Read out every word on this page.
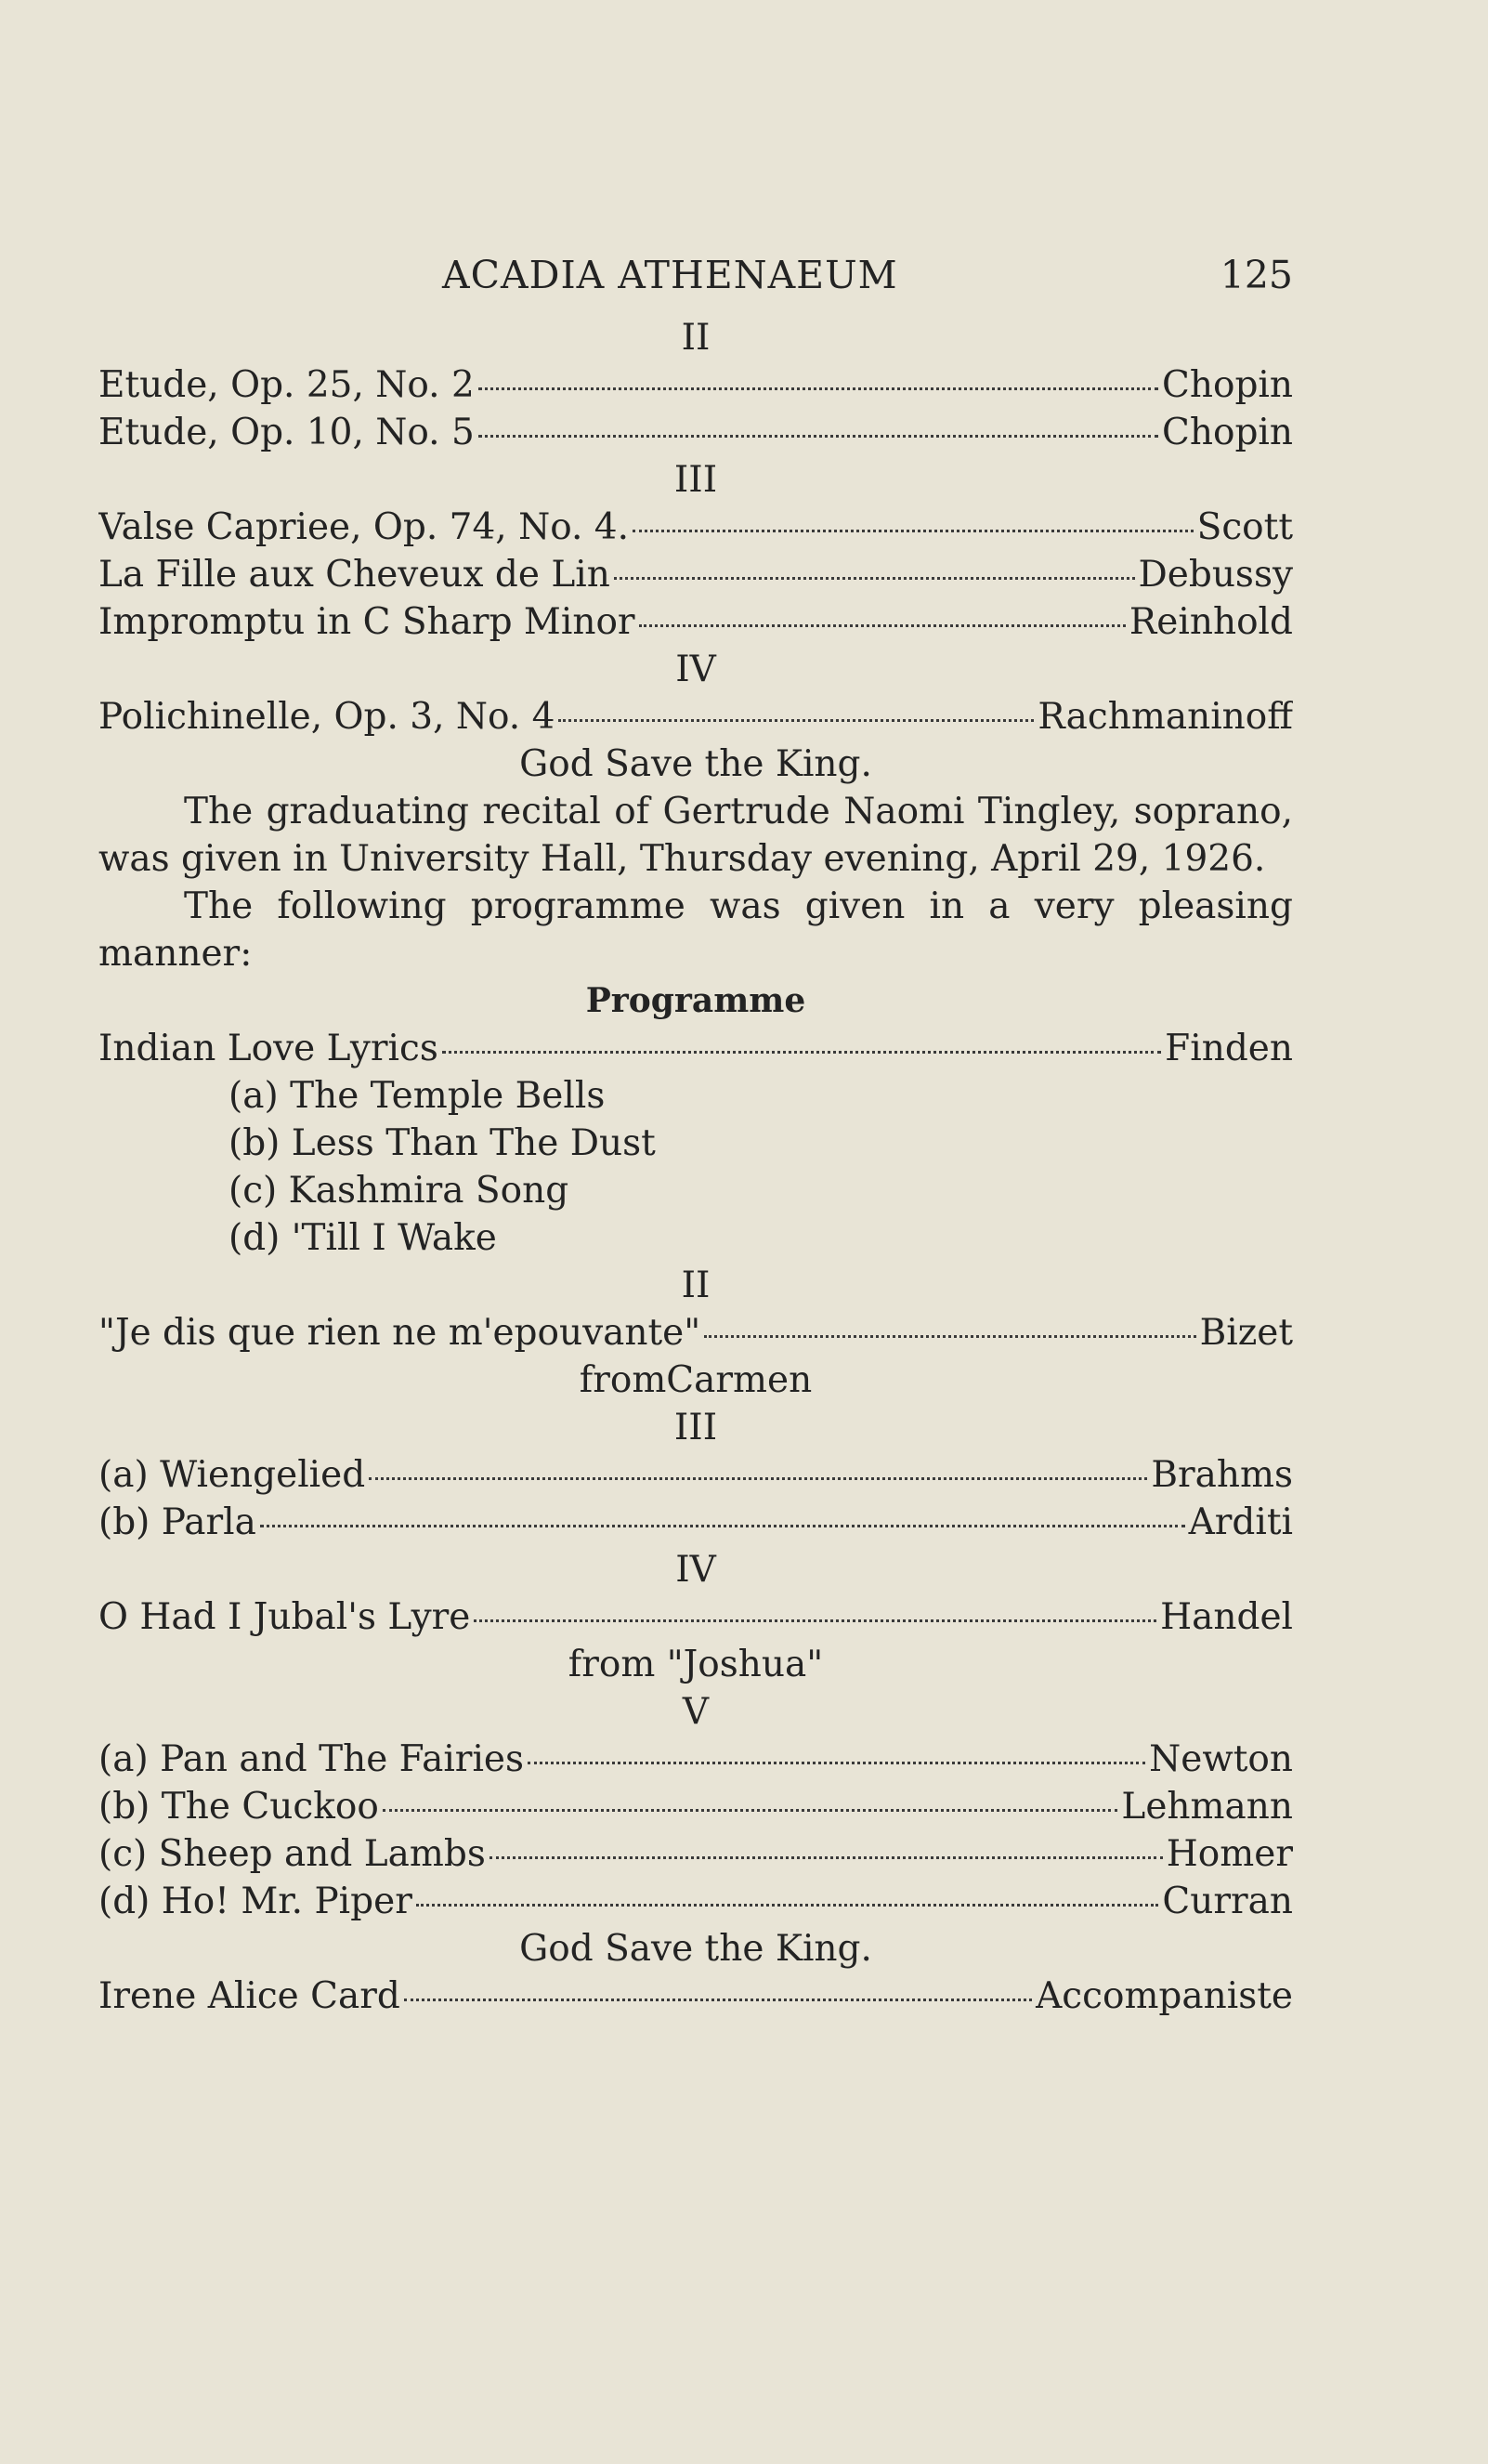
ACADIA ATHENAEUM	125
II
Etude, Op. 25, No. 2	Chopin
Etude, Op. 10, No. 5	Chopin
III
Valse Capriee, Op. 74, No. 4.	Scott
La Fille aux Cheveux de Lin	Debussy
Impromptu in C Sharp Minor	Reinhold
IV
Polichinelle, Op. 3, No. 4	Rachmaninoff
God Save the King.
The graduating recital of Gertrude Naomi Tingley, soprano, was given in University Hall, Thursday evening, April 29, 1926.
The following programme was given in a very pleasing manner:
Programme
Indian Love Lyrics	Finden
(a) The Temple Bells
(b) Less Than The Dust
(c) Kashmira Song
(d) 'Till I Wake
II
"Je dis que rien ne m'epouvante"	Bizet
fromCarmen
III
(a) Wiengelied	Brahms
(b) Parla	Arditi
IV
O Had I Jubal's Lyre	Handel
from "Joshua"
V
(a) Pan and The Fairies	Newton
(b) The Cuckoo	Lehmann
(c) Sheep and Lambs	Homer
(d) Ho! Mr. Piper	Curran
God Save the King.
Irene Alice Card	Accompaniste
